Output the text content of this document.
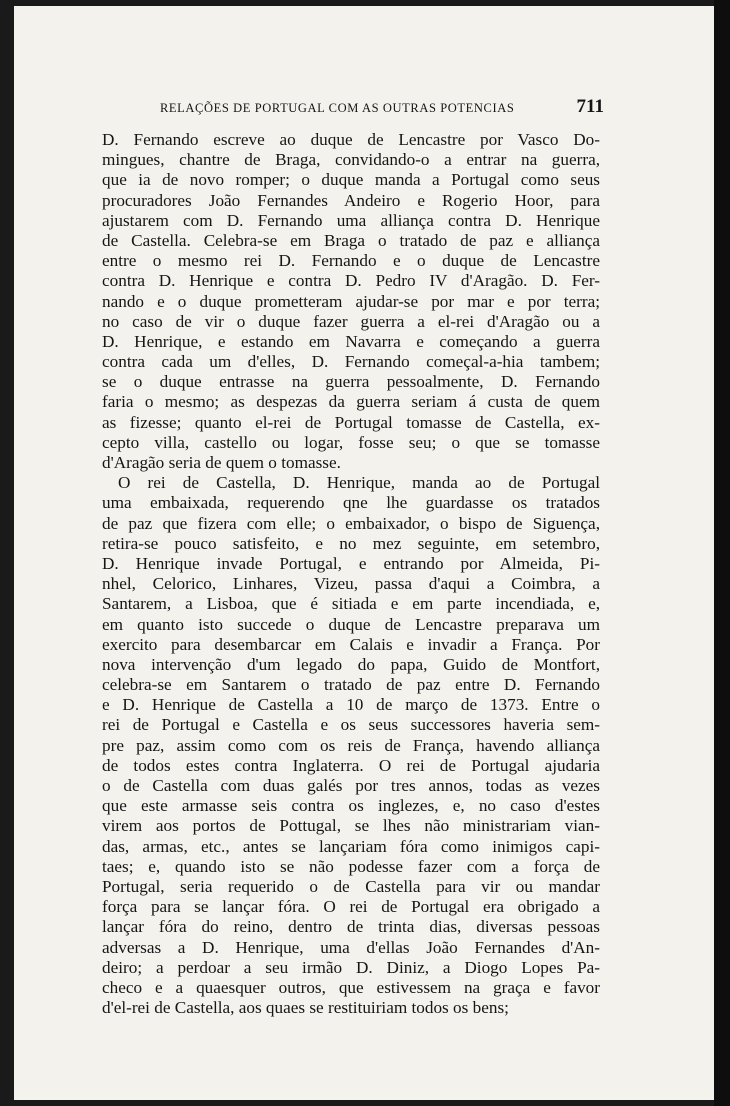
RELAÇÕES DE PORTUGAL COM AS OUTRAS POTENCIAS	711
D. Fernando escreve ao duque de Lencastre por Vasco Do-
mingues, chantre de Braga, convidando-o a entrar na guerra,
que ia de novo romper; o duque manda a Portugal como seus
procuradores João Fernandes Andeiro e Rogerio Hoor, para
ajustarem com D. Fernando uma alliança contra D. Henrique
de Castella. Celebra-se em Braga o tratado de paz e alliança
entre o mesmo rei D. Fernando e o duque de Lencastre
contra D. Henrique e contra D. Pedro IV d'Aragão. D. Fer-
nando e o duque prometteram ajudar-se por mar e por terra;
no caso de vir o duque fazer guerra a el-rei d'Aragão ou a
D. Henrique, e estando em Navarra e começando a guerra
contra cada um d'elles, D. Fernando começal-a-hia tambem;
se o duque entrasse na guerra pessoalmente, D. Fernando
faria o mesmo; as despezas da guerra seriam á custa de quem
as fizesse; quanto el-rei de Portugal tomasse de Castella, ex-
cepto villa, castello ou logar, fosse seu; o que se tomasse
d'Aragão seria de quem o tomasse.
O rei de Castella, D. Henrique, manda ao de Portugal
uma embaixada, requerendo qne lhe guardasse os tratados
de paz que fizera com elle; o embaixador, o bispo de Siguença,
retira-se pouco satisfeito, e no mez seguinte, em setembro,
D. Henrique invade Portugal, e entrando por Almeida, Pi-
nhel, Celorico, Linhares, Vizeu, passa d'aqui a Coimbra, a
Santarem, a Lisboa, que é sitiada e em parte incendiada, e,
em quanto isto succede o duque de Lencastre preparava um
exercito para desembarcar em Calais e invadir a França. Por
nova intervenção d'um legado do papa, Guido de Montfort,
celebra-se em Santarem o tratado de paz entre D. Fernando
e D. Henrique de Castella a 10 de março de 1373. Entre o
rei de Portugal e Castella e os seus successores haveria sem-
pre paz, assim como com os reis de França, havendo alliança
de todos estes contra Inglaterra. O rei de Portugal ajudaria
o de Castella com duas galés por tres annos, todas as vezes
que este armasse seis contra os inglezes, e, no caso d'estes
virem aos portos de Pottugal, se lhes não ministrariam vian-
das, armas, etc., antes se lançariam fóra como inimigos capi-
taes; e, quando isto se não podesse fazer com a força de
Portugal, seria requerido o de Castella para vir ou mandar
força para se lançar fóra. O rei de Portugal era obrigado a
lançar fóra do reino, dentro de trinta dias, diversas pessoas
adversas a D. Henrique, uma d'ellas João Fernandes d'An-
deiro; a perdoar a seu irmão D. Diniz, a Diogo Lopes Pa-
checo e a quaesquer outros, que estivessem na graça e favor
d'el-rei de Castella, aos quaes se restituiriam todos os bens;
